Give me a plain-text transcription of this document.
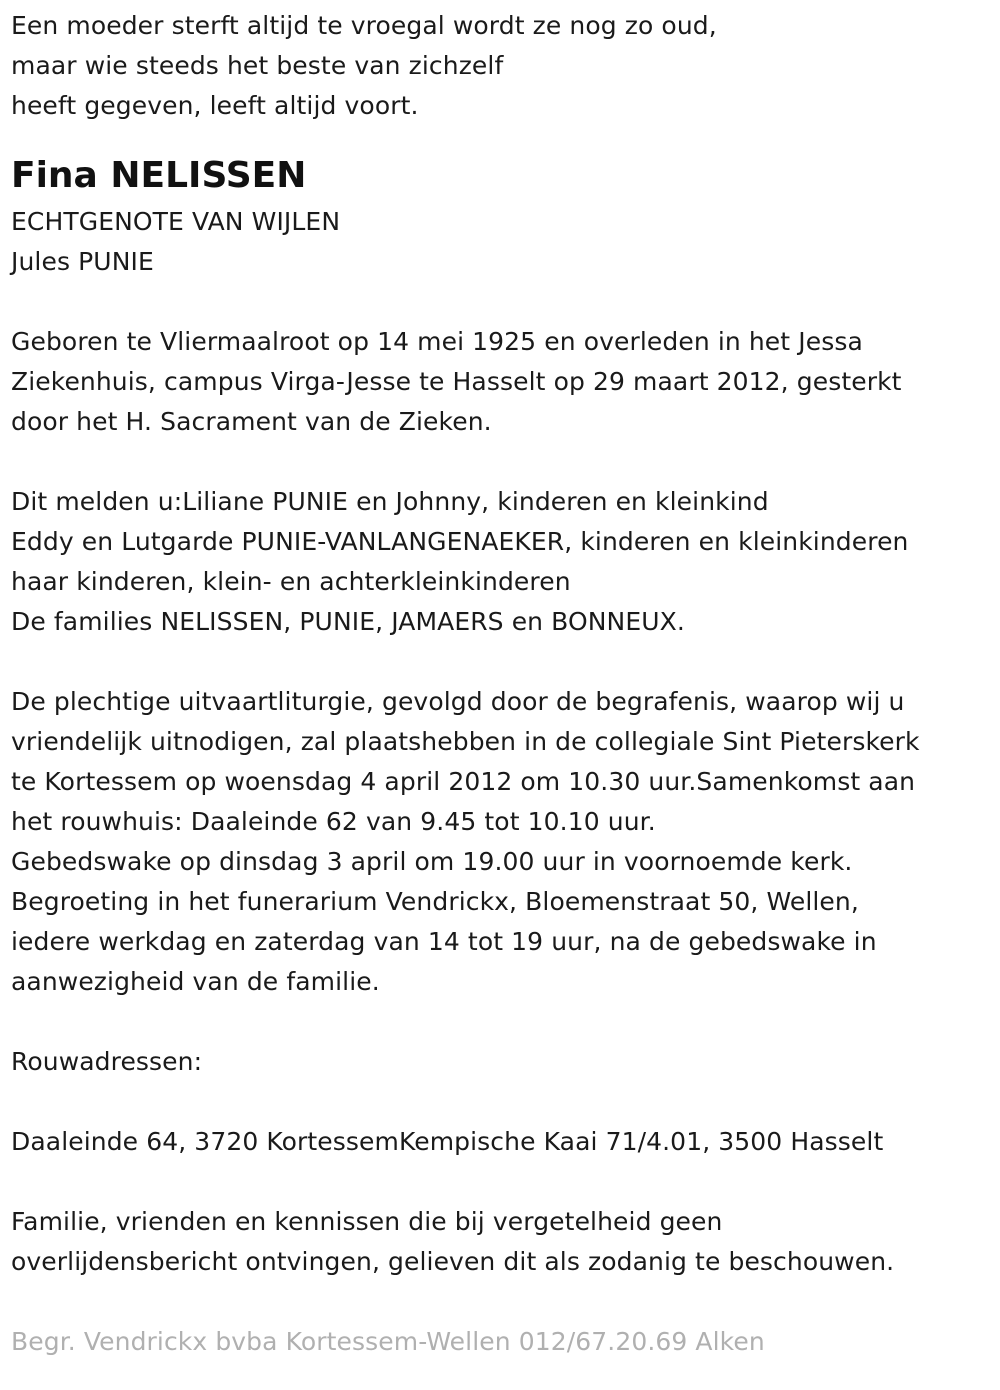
Een moeder sterft altijd te vroegal wordt ze nog zo oud,
maar wie steeds het beste van zichzelf
heeft gegeven, leeft altijd voort.
Fina NELISSEN
ECHTGENOTE VAN WIJLEN
Jules PUNIE
Geboren te Vliermaalroot op 14 mei 1925 en overleden in het Jessa
Ziekenhuis, campus Virga-Jesse te Hasselt op 29 maart 2012, gesterkt
door het H. Sacrament van de Zieken.
Dit melden u:Liliane PUNIE en Johnny, kinderen en kleinkind
Eddy en Lutgarde PUNIE-VANLANGENAEKER, kinderen en kleinkinderen
haar kinderen, klein- en achterkleinkinderen
De families NELISSEN, PUNIE, JAMAERS en BONNEUX.
De plechtige uitvaartliturgie, gevolgd door de begrafenis, waarop wij u
vriendelijk uitnodigen, zal plaatshebben in de collegiale Sint Pieterskerk
te Kortessem op woensdag 4 april 2012 om 10.30 uur.Samenkomst aan
het rouwhuis: Daaleinde 62 van 9.45 tot 10.10 uur.
Gebedswake op dinsdag 3 april om 19.00 uur in voornoemde kerk.
Begroeting in het funerarium Vendrickx, Bloemenstraat 50, Wellen,
iedere werkdag en zaterdag van 14 tot 19 uur, na de gebedswake in
aanwezigheid van de familie.
Rouwadressen:
Daaleinde 64, 3720 KortessemKempische Kaai 71/4.01, 3500 Hasselt
Familie, vrienden en kennissen die bij vergetelheid geen
overlijdensbericht ontvingen, gelieven dit als zodanig te beschouwen.
Begr. Vendrickx bvba Kortessem-Wellen 012/67.20.69 Alken
